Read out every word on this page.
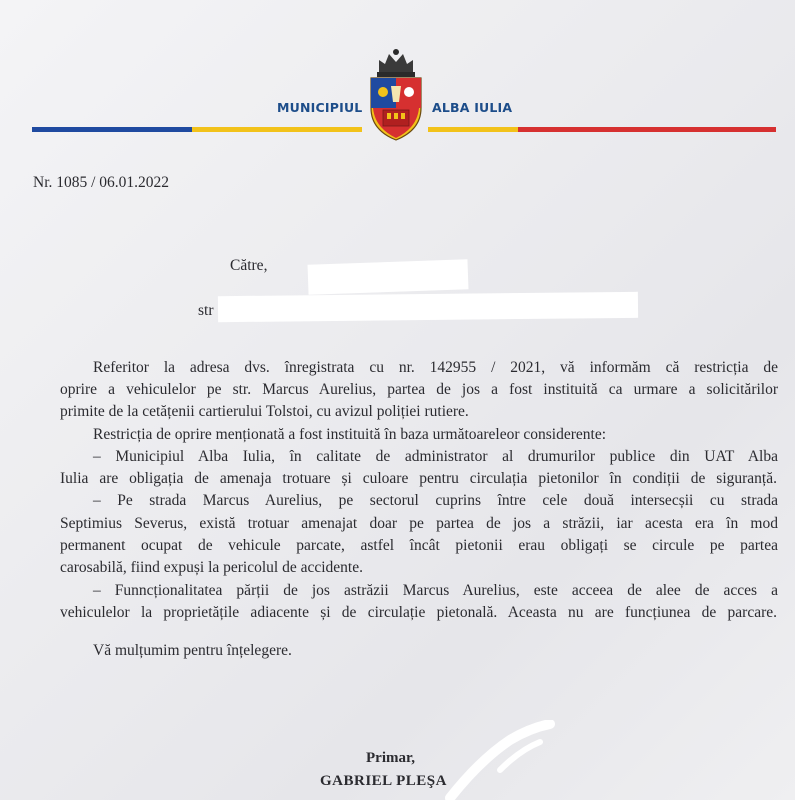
MUNICIPIUL	ALBA IULIA
Nr. 1085 / 06.01.2022
Către,
str
Referitor la adresa dvs. înregistrata cu nr. 142955 / 2021, vă informăm că restricția de
oprire a vehiculelor pe str. Marcus Aurelius, partea de jos a fost instituită ca urmare a solicitărilor
primite de la cetățenii cartierului Tolstoi, cu avizul poliției rutiere.
Restricția de oprire menționată a fost instituită în baza următoareleor considerente:
– Municipiul Alba Iulia, în calitate de administrator al drumurilor publice din UAT Alba
Iulia are obligația de amenaja trotuare și culoare pentru circulația pietonilor în condiții de siguranță.
– Pe strada Marcus Aurelius, pe sectorul cuprins între cele două intersecșii cu strada
Septimius Severus, există trotuar amenajat doar pe partea de jos a străzii, iar acesta era în mod
permanent ocupat de vehicule parcate, astfel încât pietonii erau obligați se circule pe partea
carosabilă, fiind expuși la pericolul de accidente.
– Funncționalitatea părții de jos astrăzii Marcus Aurelius, este acceea de alee de acces a
vehiculelor la proprietățile adiacente și de circulație pietonală. Aceasta nu are funcțiunea de parcare.
Vă mulțumim pentru înțelegere.
Primar,
GABRIEL PLEŞA
